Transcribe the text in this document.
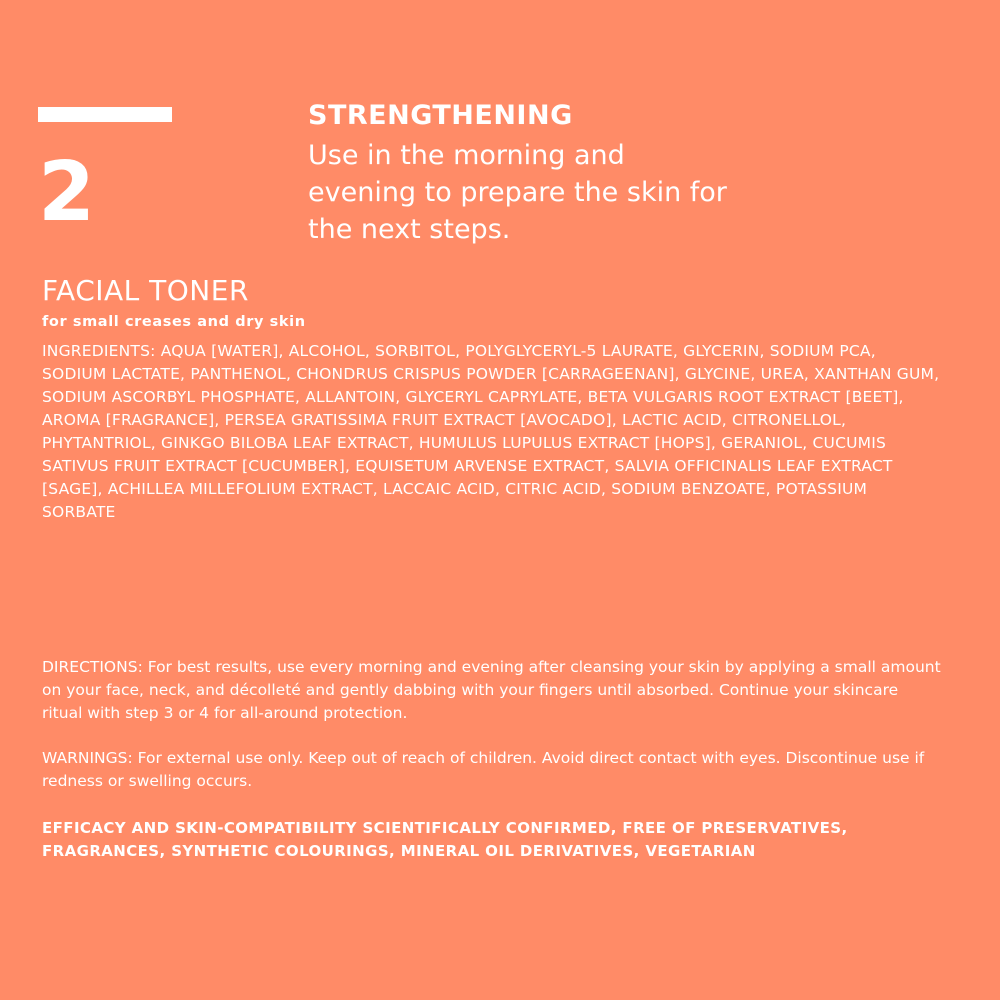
2
STRENGTHENING
Use in the morning and evening to prepare the skin for the next steps.
FACIAL TONER
for small creases and dry skin
INGREDIENTS: AQUA [WATER], ALCOHOL, SORBITOL, POLYGLYCERYL-5 LAURATE, GLYCERIN, SODIUM PCA, SODIUM LACTATE, PANTHENOL, CHONDRUS CRISPUS POWDER [CARRAGEENAN], GLYCINE, UREA, XANTHAN GUM, SODIUM ASCORBYL PHOSPHATE, ALLANTOIN, GLYCERYL CAPRYLATE, BETA VULGARIS ROOT EXTRACT [BEET], AROMA [FRAGRANCE], PERSEA GRATISSIMA FRUIT EXTRACT [AVOCADO], LACTIC ACID, CITRONELLOL, PHYTANTRIOL, GINKGO BILOBA LEAF EXTRACT, HUMULUS LUPULUS EXTRACT [HOPS], GERANIOL, CUCUMIS SATIVUS FRUIT EXTRACT [CUCUMBER], EQUISETUM ARVENSE EXTRACT, SALVIA OFFICINALIS LEAF EXTRACT [SAGE], ACHILLEA MILLEFOLIUM EXTRACT, LACCAIC ACID, CITRIC ACID, SODIUM BENZOATE, POTASSIUM SORBATE
DIRECTIONS: For best results, use every morning and evening after cleansing your skin by applying a small amount on your face, neck, and décolleté and gently dabbing with your fingers until absorbed. Continue your skincare ritual with step 3 or 4 for all-around protection.
WARNINGS: For external use only. Keep out of reach of children. Avoid direct contact with eyes. Discontinue use if redness or swelling occurs.
EFFICACY AND SKIN-COMPATIBILITY SCIENTIFICALLY CONFIRMED, FREE OF PRESERVATIVES, FRAGRANCES, SYNTHETIC COLOURINGS, MINERAL OIL DERIVATIVES, VEGETARIAN
